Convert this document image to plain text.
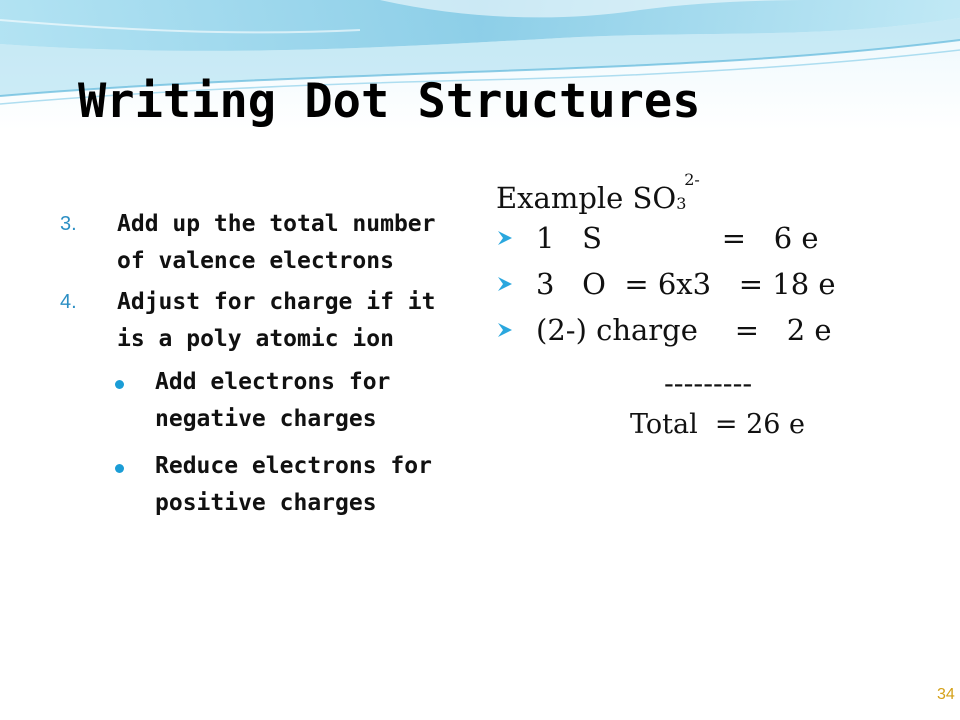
Writing Dot Structures
3. Add up the total number of valence electrons
4. Adjust for charge if it is a poly atomic ion
Add electrons for negative charges
Reduce electrons for positive charges
Example SO 3
2-
1   S             =   6 e
3   O  = 6x3   = 18 e
(2-) charge    =   2 e
---------
Total  = 26 e
34
